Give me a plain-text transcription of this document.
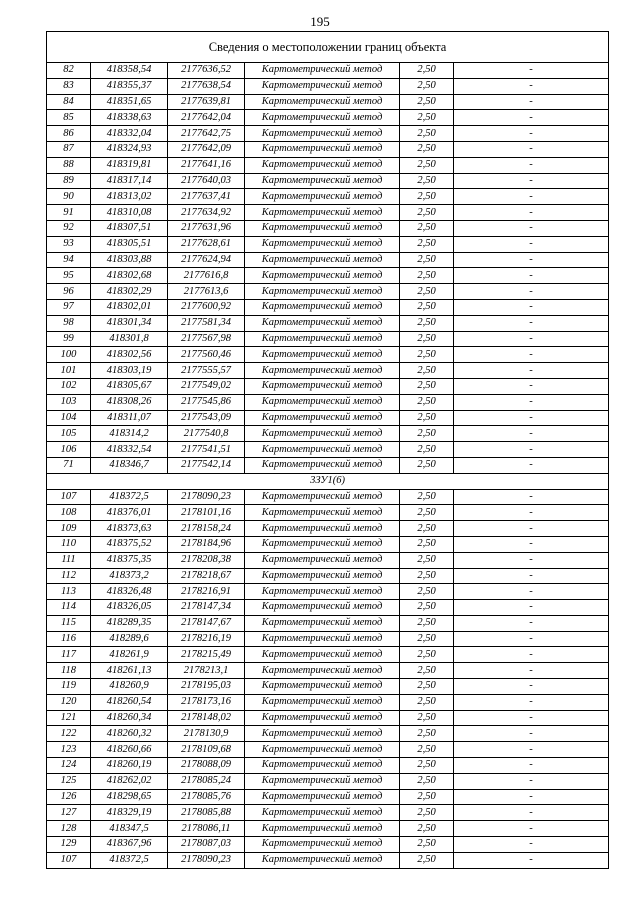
195
Сведения о местоположении границ объекта					
82	418358,54	2177636,52	Картометрический метод	2,50	-
83	418355,37	2177638,54	Картометрический метод	2,50	-
84	418351,65	2177639,81	Картометрический метод	2,50	-
85	418338,63	2177642,04	Картометрический метод	2,50	-
86	418332,04	2177642,75	Картометрический метод	2,50	-
87	418324,93	2177642,09	Картометрический метод	2,50	-
88	418319,81	2177641,16	Картометрический метод	2,50	-
89	418317,14	2177640,03	Картометрический метод	2,50	-
90	418313,02	2177637,41	Картометрический метод	2,50	-
91	418310,08	2177634,92	Картометрический метод	2,50	-
92	418307,51	2177631,96	Картометрический метод	2,50	-
93	418305,51	2177628,61	Картометрический метод	2,50	-
94	418303,88	2177624,94	Картометрический метод	2,50	-
95	418302,68	2177616,8	Картометрический метод	2,50	-
96	418302,29	2177613,6	Картометрический метод	2,50	-
97	418302,01	2177600,92	Картометрический метод	2,50	-
98	418301,34	2177581,34	Картометрический метод	2,50	-
99	418301,8	2177567,98	Картометрический метод	2,50	-
100	418302,56	2177560,46	Картометрический метод	2,50	-
101	418303,19	2177555,57	Картометрический метод	2,50	-
102	418305,67	2177549,02	Картометрический метод	2,50	-
103	418308,26	2177545,86	Картометрический метод	2,50	-
104	418311,07	2177543,09	Картометрический метод	2,50	-
105	418314,2	2177540,8	Картометрический метод	2,50	-
106	418332,54	2177541,51	Картометрический метод	2,50	-
71	418346,7	2177542,14	Картометрический метод	2,50	-
3ЗУ1(6)					
107	418372,5	2178090,23	Картометрический метод	2,50	-
108	418376,01	2178101,16	Картометрический метод	2,50	-
109	418373,63	2178158,24	Картометрический метод	2,50	-
110	418375,52	2178184,96	Картометрический метод	2,50	-
111	418375,35	2178208,38	Картометрический метод	2,50	-
112	418373,2	2178218,67	Картометрический метод	2,50	-
113	418326,48	2178216,91	Картометрический метод	2,50	-
114	418326,05	2178147,34	Картометрический метод	2,50	-
115	418289,35	2178147,67	Картометрический метод	2,50	-
116	418289,6	2178216,19	Картометрический метод	2,50	-
117	418261,9	2178215,49	Картометрический метод	2,50	-
118	418261,13	2178213,1	Картометрический метод	2,50	-
119	418260,9	2178195,03	Картометрический метод	2,50	-
120	418260,54	2178173,16	Картометрический метод	2,50	-
121	418260,34	2178148,02	Картометрический метод	2,50	-
122	418260,32	2178130,9	Картометрический метод	2,50	-
123	418260,66	2178109,68	Картометрический метод	2,50	-
124	418260,19	2178088,09	Картометрический метод	2,50	-
125	418262,02	2178085,24	Картометрический метод	2,50	-
126	418298,65	2178085,76	Картометрический метод	2,50	-
127	418329,19	2178085,88	Картометрический метод	2,50	-
128	418347,5	2178086,11	Картометрический метод	2,50	-
129	418367,96	2178087,03	Картометрический метод	2,50	-
107	418372,5	2178090,23	Картометрический метод	2,50	-
